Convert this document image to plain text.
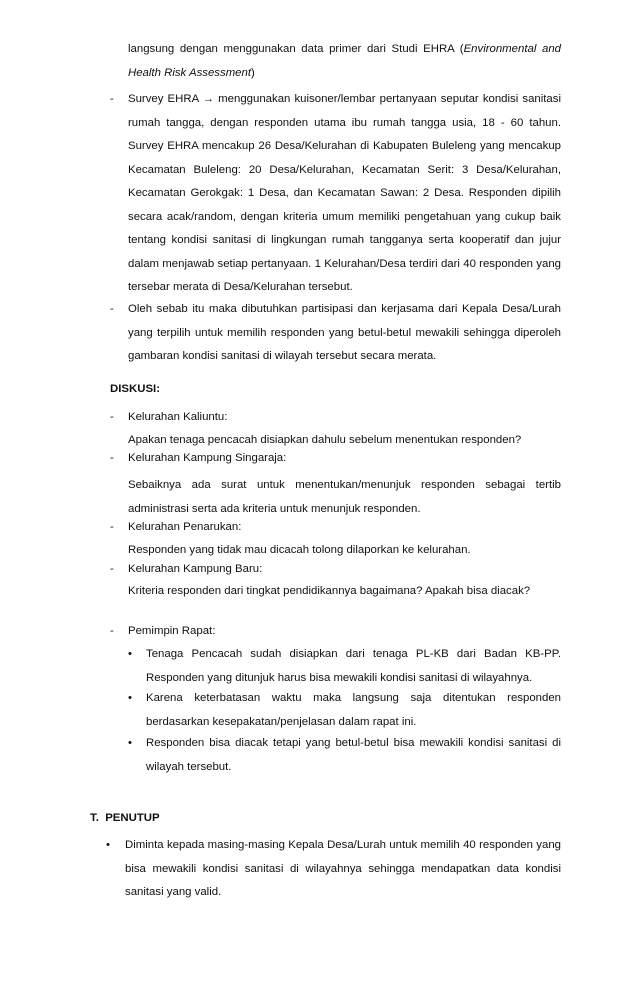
langsung dengan menggunakan data primer dari Studi EHRA (Environmental and Health Risk Assessment)

- Survey EHRA → menggunakan kuisoner/lembar pertanyaan seputar kondisi sanitasi rumah tangga, dengan responden utama ibu rumah tangga usia, 18 - 60 tahun. Survey EHRA mencakup 26 Desa/Kelurahan di Kabupaten Buleleng yang mencakup Kecamatan Buleleng: 20 Desa/Kelurahan, Kecamatan Serit: 3 Desa/Kelurahan, Kecamatan Gerokgak: 1 Desa, dan Kecamatan Sawan: 2 Desa. Responden dipilih secara acak/random, dengan kriteria umum memiliki pengetahuan yang cukup baik tentang kondisi sanitasi di lingkungan rumah tangganya serta kooperatif dan jujur dalam menjawab setiap pertanyaan. 1 Kelurahan/Desa terdiri dari 40 responden yang tersebar merata di Desa/Kelurahan tersebut.

- Oleh sebab itu maka dibutuhkan partisipasi dan kerjasama dari Kepala Desa/Lurah yang terpilih untuk memilih responden yang betul-betul mewakili sehingga diperoleh gambaran kondisi sanitasi di wilayah tersebut secara merata.

DISKUSI:
- Kelurahan Kaliuntu:

Apakan tenaga pencacah disiapkan dahulu sebelum menentukan responden?

- Kelurahan Kampung Singaraja:

Sebaiknya ada surat untuk menentukan/menunjuk responden sebagai tertib administrasi serta ada kriteria untuk menunjuk responden.

- Kelurahan Penarukan:

Responden yang tidak mau dicacah tolong dilaporkan ke kelurahan.

- Kelurahan Kampung Baru:

Kriteria responden dari tingkat pendidikannya bagaimana? Apakah bisa diacak?

- Pemimpin Rapat:
• Tenaga Pencacah sudah disiapkan dari tenaga PL-KB dari Badan KB-PP. Responden yang ditunjuk harus bisa mewakili kondisi sanitasi di wilayahnya.

• Karena keterbatasan waktu maka langsung saja ditentukan responden berdasarkan kesepakatan/penjelasan dalam rapat ini.

• Responden bisa diacak tetapi yang betul-betul bisa mewakili kondisi sanitasi di wilayah tersebut.

T.  PENUTUP
• Diminta kepada masing-masing Kepala Desa/Lurah untuk memilih 40 responden yang bisa mewakili kondisi sanitasi di wilayahnya sehingga mendapatkan data kondisi sanitasi yang valid.
